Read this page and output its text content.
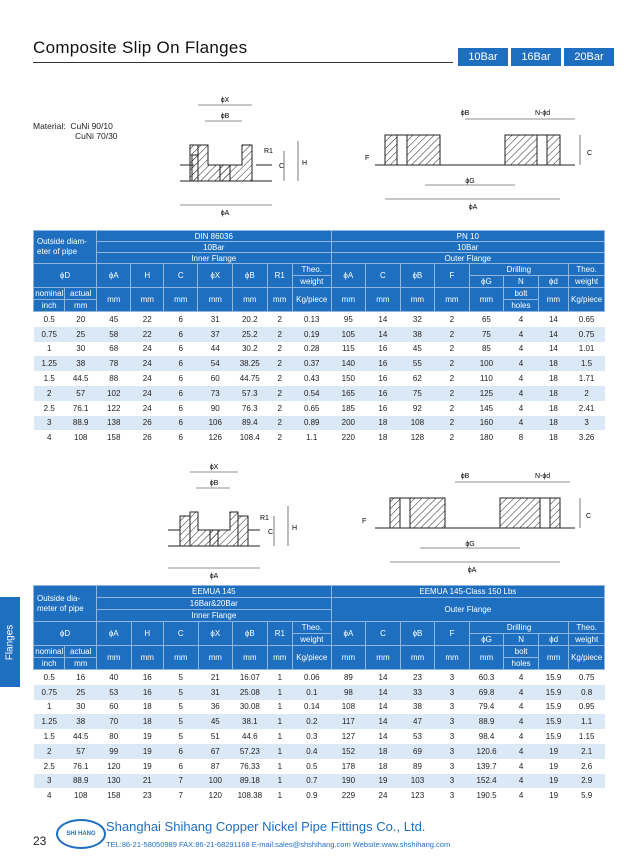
Composite Slip On Flanges	10Bar	16Bar	20Bar
Material: CuNi 90/10
CuNi 70/30
Flanges
ϕX
ϕB
ϕA
R1
C	H
ϕB	N-ϕd
ϕG
ϕA
F
C
Outside diam-eter of pipe		DIN 86036							PN 10							
		10Bar							10Bar							
		Inner Flange							Outer Flange							
ϕD		ϕA	H	C	ϕX	ϕB	R1	Theo.	ϕA	C	ϕB	F	Drilling			Theo.
								weight					ϕG	N	ϕd	weight
nominal	actual	mm	mm	mm	mm	mm	mm	Kg/piece	mm	mm	mm	mm	mm	bolt	mm	Kg/piece
inch	mm													holes		
0.5	20	45	22	6	31	20.2	2	0.13	95	14	32	2	65	4	14	0.65
0.75	25	58	22	6	37	25.2	2	0.19	105	14	38	2	75	4	14	0.75
1	30	68	24	6	44	30.2	2	0.28	115	16	45	2	85	4	14	1.01
1.25	38	78	24	6	54	38.25	2	0.37	140	16	55	2	100	4	18	1.5
1.5	44.5	88	24	6	60	44.75	2	0.43	150	16	62	2	110	4	18	1.71
2	57	102	24	6	73	57.3	2	0.54	165	16	75	2	125	4	18	2
2.5	76.1	122	24	6	90	76.3	2	0.65	185	16	92	2	145	4	18	2.41
3	88.9	138	26	6	106	89.4	2	0.89	200	18	108	2	160	4	18	3
4	108	158	26	6	126	108.4	2	1.1	220	18	128	2	180	8	18	3.26
ϕX
ϕB
ϕA
R1
C
H
ϕB	N-ϕd
ϕG
ϕA
F
C
Outside dia-meter of pipe		EEMUA 145							EEMUA 145-Class 150 Lbs							
		16Bar&20Bar							Outer Flange							
		Inner Flange														
ϕD		ϕA	H	C	ϕX	ϕB	R1	Theo.	ϕA	C	ϕB	F	Drilling			Theo.
								weight					ϕG	N	ϕd	weight
nominal	actual	mm	mm	mm	mm	mm	mm	Kg/piece	mm	mm	mm	mm	mm	bolt	mm	Kg/piece
inch	mm													holes		
0.5	16	40	16	5	21	16.07	1	0.06	89	14	23	3	60.3	4	15.9	0.75
0.75	25	53	16	5	31	25.08	1	0.1	98	14	33	3	69.8	4	15.9	0.8
1	30	60	18	5	36	30.08	1	0.14	108	14	38	3	79.4	4	15.9	0.95
1.25	38	70	18	5	45	38.1	1	0.2	117	14	47	3	88.9	4	15.9	1.1
1.5	44.5	80	19	5	51	44.6	1	0.3	127	14	53	3	98.4	4	15.9	1.15
2	57	99	19	6	67	57.23	1	0.4	152	18	69	3	120.6	4	19	2.1
2.5	76.1	120	19	6	87	76.33	1	0.5	178	18	89	3	139.7	4	19	2.6
3	88.9	130	21	7	100	89.18	1	0.7	190	19	103	3	152.4	4	19	2.9
4	108	158	23	7	120	108.38	1	0.9	229	24	123	3	190.5	4	19	5.9
23	SHI HANG Shanghai Shihang Copper Nickel Pipe Fittings Co., Ltd.
TEL:86-21-58050989 FAX:86-21-68291168 E-mail:sales@shshihang.com Website:www.shshihang.com
